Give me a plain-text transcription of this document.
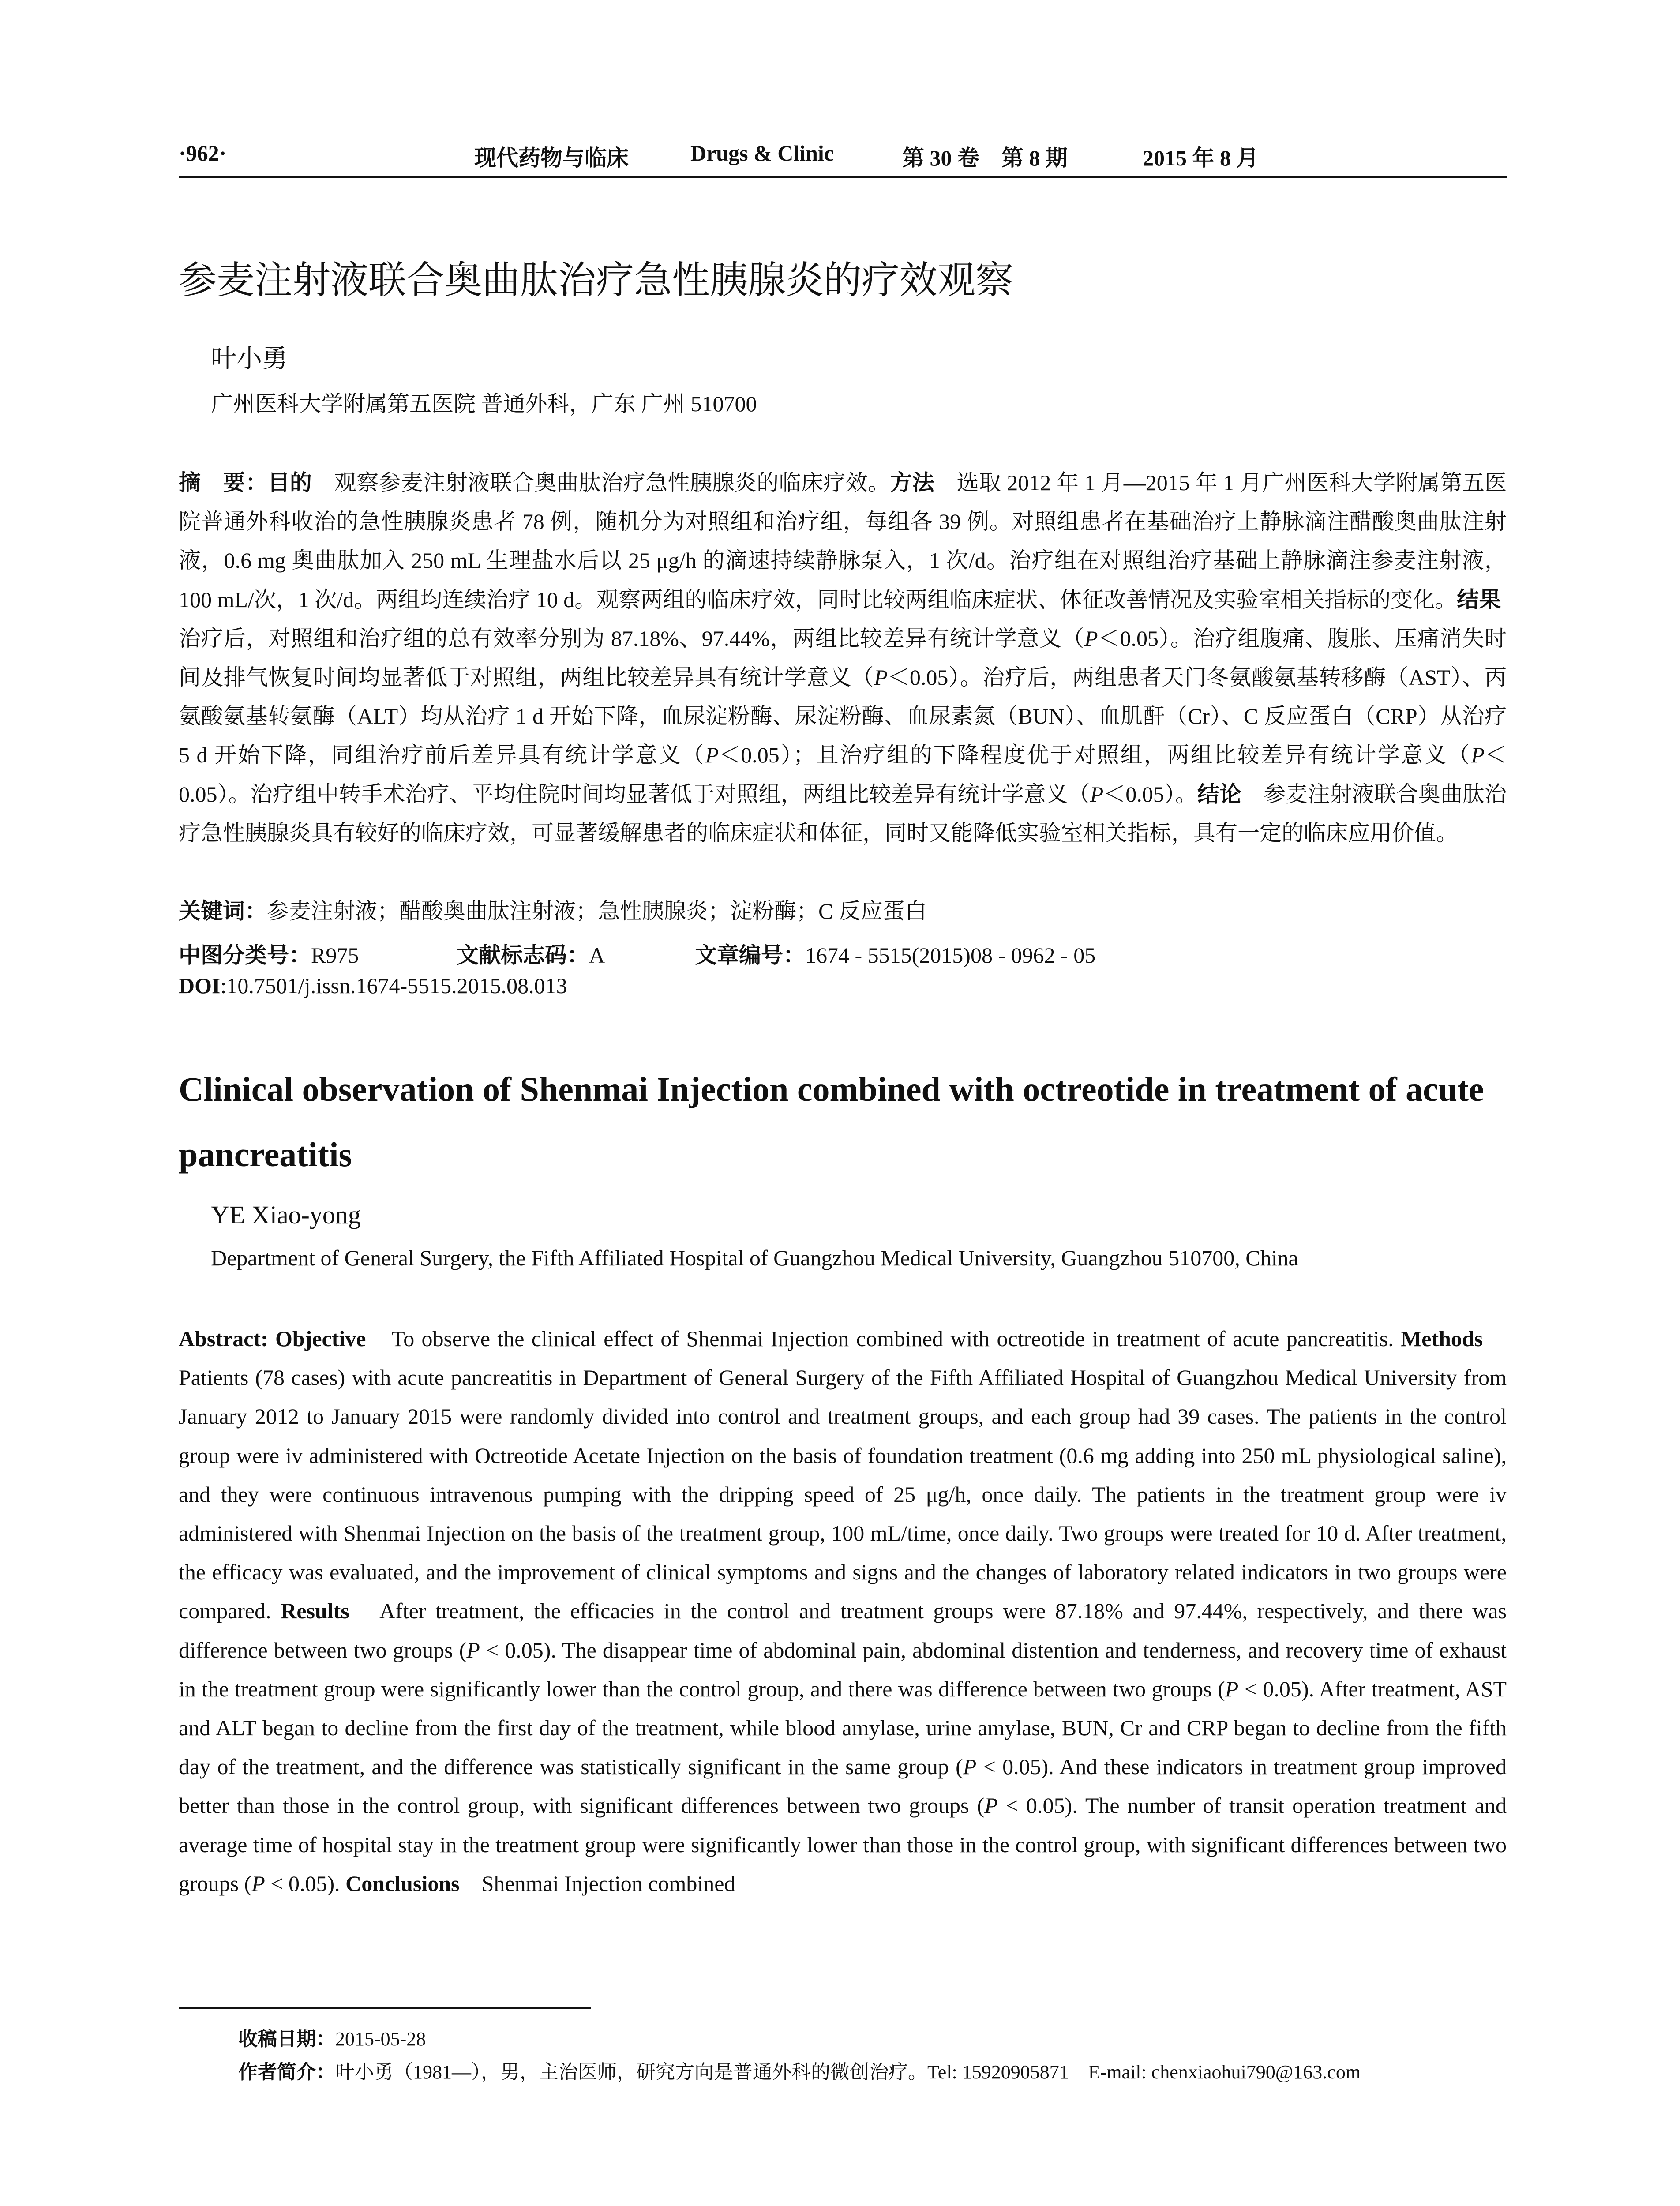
·962·	现代药物与临床	Drugs & Clinic	第 30 卷　第 8 期	2015 年 8 月
参麦注射液联合奥曲肽治疗急性胰腺炎的疗效观察
叶小勇
广州医科大学附属第五医院 普通外科，广东 广州 510700
摘　要：目的　观察参麦注射液联合奥曲肽治疗急性胰腺炎的临床疗效。方法　选取 2012 年 1 月—2015 年 1 月广州医科大学附属第五医院普通外科收治的急性胰腺炎患者 78 例，随机分为对照组和治疗组，每组各 39 例。对照组患者在基础治疗上静脉滴注醋酸奥曲肽注射液，0.6 mg 奥曲肽加入 250 mL 生理盐水后以 25 μg/h 的滴速持续静脉泵入，1 次/d。治疗组在对照组治疗基础上静脉滴注参麦注射液，100 mL/次，1 次/d。两组均连续治疗 10 d。观察两组的临床疗效，同时比较两组临床症状、体征改善情况及实验室相关指标的变化。结果　治疗后，对照组和治疗组的总有效率分别为 87.18%、97.44%，两组比较差异有统计学意义（P＜0.05）。治疗组腹痛、腹胀、压痛消失时间及排气恢复时间均显著低于对照组，两组比较差异具有统计学意义（P＜0.05）。治疗后，两组患者天门冬氨酸氨基转移酶（AST）、丙氨酸氨基转氨酶（ALT）均从治疗 1 d 开始下降，血尿淀粉酶、尿淀粉酶、血尿素氮（BUN）、血肌酐（Cr）、C 反应蛋白（CRP）从治疗 5 d 开始下降，同组治疗前后差异具有统计学意义（P＜0.05）；且治疗组的下降程度优于对照组，两组比较差异有统计学意义（P＜0.05）。治疗组中转手术治疗、平均住院时间均显著低于对照组，两组比较差异有统计学意义（P＜0.05）。结论　参麦注射液联合奥曲肽治疗急性胰腺炎具有较好的临床疗效，可显著缓解患者的临床症状和体征，同时又能降低实验室相关指标，具有一定的临床应用价值。
关键词：参麦注射液；醋酸奥曲肽注射液；急性胰腺炎；淀粉酶；C 反应蛋白
中图分类号：R975	文献标志码：A	文章编号：1674 - 5515(2015)08 - 0962 - 05
DOI:10.7501/j.issn.1674-5515.2015.08.013
Clinical observation of Shenmai Injection combined with octreotide in treatment of acute pancreatitis
YE Xiao-yong
Department of General Surgery, the Fifth Affiliated Hospital of Guangzhou Medical University, Guangzhou 510700, China
Abstract: Objective　To observe the clinical effect of Shenmai Injection combined with octreotide in treatment of acute pancreatitis. Methods　Patients (78 cases) with acute pancreatitis in Department of General Surgery of the Fifth Affiliated Hospital of Guangzhou Medical University from January 2012 to January 2015 were randomly divided into control and treatment groups, and each group had 39 cases. The patients in the control group were iv administered with Octreotide Acetate Injection on the basis of foundation treatment (0.6 mg adding into 250 mL physiological saline), and they were continuous intravenous pumping with the dripping speed of 25 μg/h, once daily. The patients in the treatment group were iv administered with Shenmai Injection on the basis of the treatment group, 100 mL/time, once daily. Two groups were treated for 10 d. After treatment, the efficacy was evaluated, and the improvement of clinical symptoms and signs and the changes of laboratory related indicators in two groups were compared. Results　After treatment, the efficacies in the control and treatment groups were 87.18% and 97.44%, respectively, and there was difference between two groups (P < 0.05). The disappear time of abdominal pain, abdominal distention and tenderness, and recovery time of exhaust in the treatment group were significantly lower than the control group, and there was difference between two groups (P < 0.05). After treatment, AST and ALT began to decline from the first day of the treatment, while blood amylase, urine amylase, BUN, Cr and CRP began to decline from the fifth day of the treatment, and the difference was statistically significant in the same group (P < 0.05). And these indicators in treatment group improved better than those in the control group, with significant differences between two groups (P < 0.05). The number of transit operation treatment and average time of hospital stay in the treatment group were significantly lower than those in the control group, with significant differences between two groups (P < 0.05). Conclusions　Shenmai Injection combined
收稿日期：2015-05-28
作者简介：叶小勇（1981—），男，主治医师，研究方向是普通外科的微创治疗。Tel: 15920905871　E-mail: chenxiaohui790@163.com
